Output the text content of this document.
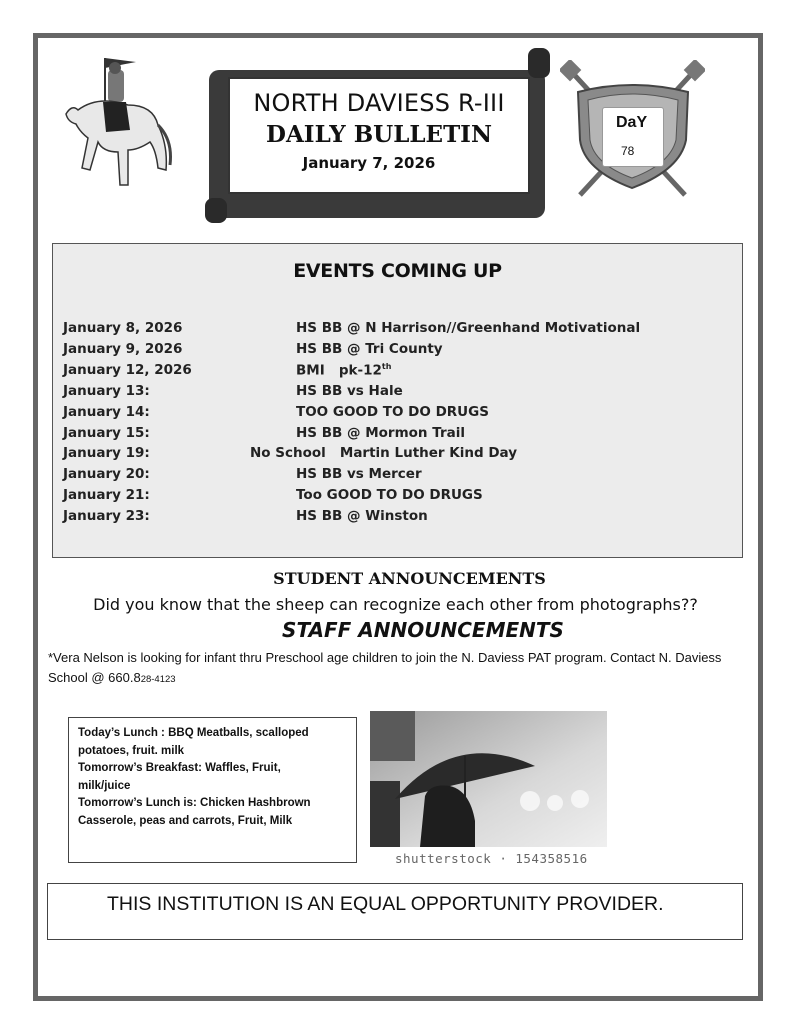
NORTH DAVIESS R-III
DAILY BULLETIN
January 7, 2026
DaY
78
EVENTS COMING UP
January 8, 2026	HS BB @ N Harrison//Greenhand Motivational
January 9, 2026	HS BB @ Tri County
January 12, 2026	BMI   pk-12th
January 13:	HS BB vs Hale
January 14:	TOO GOOD TO DO DRUGS
January 15:	HS BB @ Mormon Trail
January 19:	No School   Martin Luther Kind Day
January 20:	HS BB vs Mercer
January 21:	Too GOOD TO DO DRUGS
January 23:	HS BB @ Winston
STUDENT ANNOUNCEMENTS
Did you know that the sheep can recognize each other from photographs??
STAFF ANNOUNCEMENTS
*Vera Nelson is looking for infant thru Preschool age children to join the N. Daviess PAT program. Contact N. Daviess School @ 660.828-4123
Today’s Lunch : BBQ Meatballs, scalloped
potatoes, fruit. milk
Tomorrow’s Breakfast: Waffles, Fruit,
milk/juice
Tomorrow’s Lunch is: Chicken Hashbrown
Casserole, peas and carrots, Fruit, Milk
shutterstock · 154358516
THIS INSTITUTION IS AN EQUAL OPPORTUNITY PROVIDER.
